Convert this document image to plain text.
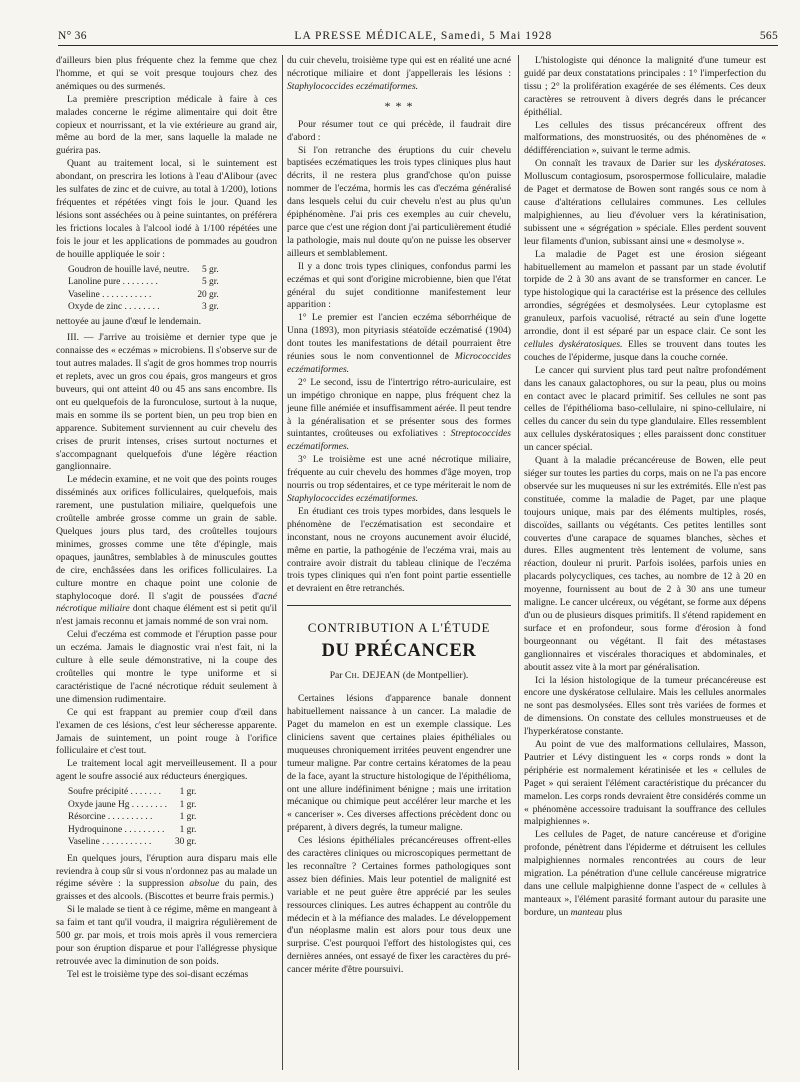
N° 36	LA PRESSE MÉDICALE, Samedi, 5 Mai 1928	565

d'ailleurs bien plus fréquente chez la femme que chez l'homme, et qui se voit presque toujours chez des anémiques ou des surmenés.

La première prescription médicale à faire à ces malades concerne le régime alimentaire qui doit être copieux et nourrissant, et la vie extérieure au grand air, même au bord de la mer, sans laquelle la malade ne guérira pas.

Quant au traitement local, si le suintement est abondant, on prescrira les lotions à l'eau d'Alibour (avec les sulfates de zinc et de cuivre, au total à 1/200), lotions fréquentes et répétées vingt fois le jour. Quand les lésions sont asséchées ou à peine suintantes, on préférera les frictions locales à l'alcool iodé à 1/100 répétées une fois le jour et les applications de pommades au goudron de houille appliquée le soir :

Goudron de houille lavé, neutre.	5 gr.
Lanoline pure . . . . . . . .	5 gr.
Vaseline . . . . . . . . . . .	20 gr.
Oxyde de zinc . . . . . . . .	3 gr.

nettoyée au jaune d'œuf le lendemain.

III. — J'arrive au troisième et dernier type que je connaisse des « eczémas » microbiens. Il s'observe sur de tout autres malades. Il s'agit de gros hommes trop nourris et replets, avec un gros cou épais, gros mangeurs et gros buveurs, qui ont atteint 40 ou 45 ans sans encombre. Ils ont eu quelquefois de la furonculose, surtout à la nuque, mais en somme ils se portent bien, un peu trop bien en apparence. Subitement surviennent au cuir chevelu des crises de prurit intenses, crises surtout nocturnes et s'accompagnant quelquefois d'une légère réaction ganglionnaire.

Le médecin examine, et ne voit que des points rouges disséminés aux orifices folliculaires, quelquefois, mais rarement, une pustulation miliaire, quelquefois une croûtelle ambrée grosse comme un grain de sable. Quelques jours plus tard, des croûtelles toujours minimes, grosses comme une tête d'épingle, mais opaques, jaunâtres, semblables à de minuscules gouttes de cire, enchâssées dans les orifices folliculaires. La culture montre en chaque point une colonie de staphylocoque doré. Il s'agit de poussées d'acné nécrotique miliaire dont chaque élément est si petit qu'il n'est jamais reconnu et jamais nommé de son vrai nom.

Celui d'eczéma est commode et l'éruption passe pour un eczéma. Jamais le diagnostic vrai n'est fait, ni la culture à elle seule démonstrative, ni la coupe des croûtelles qui montre le type uniforme et si caractéristique de l'acné nécrotique réduit seulement à une dimension rudimentaire.

Ce qui est frappant au premier coup d'œil dans l'examen de ces lésions, c'est leur sécheresse apparente. Jamais de suintement, un point rouge à l'orifice folliculaire et c'est tout.

Le traitement local agit merveilleusement. Il a pour agent le soufre associé aux réducteurs énergiques.

Soufre précipité . . . . . . .	1 gr.
Oxyde jaune Hg . . . . . . . .	1 gr.
Résorcine . . . . . . . . . .	1 gr.
Hydroquinone . . . . . . . . .	1 gr.
Vaseline . . . . . . . . . . .	30 gr.

En quelques jours, l'éruption aura disparu mais elle reviendra à coup sûr si vous n'ordonnez pas au malade un régime sévère : la suppression absolue du pain, des graisses et des alcools. (Biscottes et beurre frais permis.)

Si le malade se tient à ce régime, même en mangeant à sa faim et tant qu'il voudra, il maigrira régulièrement de 500 gr. par mois, et trois mois après il vous remerciera pour son éruption disparue et pour l'allégresse physique retrouvée avec la diminution de son poids.

Tel est le troisième type des soi-disant eczémas

du cuir chevelu, troisième type qui est en réalité une acné nécrotique miliaire et dont j'appellerais les lésions : Staphylococcides eczématiformes.

* * *

Pour résumer tout ce qui précède, il faudrait dire d'abord :

Si l'on retranche des éruptions du cuir chevelu baptisées eczématiques les trois types cliniques plus haut décrits, il ne restera plus grand'chose qu'on puisse nommer de l'eczéma, hormis les cas d'eczéma généralisé dans lesquels celui du cuir chevelu n'est au plus qu'un épiphénomène. J'ai pris ces exemples au cuir chevelu, parce que c'est une région dont j'ai particulièrement étudié la pathologie, mais nul doute qu'on ne puisse les observer ailleurs et semblablement.

Il y a donc trois types cliniques, confondus parmi les eczémas et qui sont d'origine microbienne, bien que l'état général du sujet conditionne manifestement leur apparition :

1° Le premier est l'ancien eczéma séborrhéique de Unna (1893), mon pityriasis stéatoïde eczématisé (1904) dont toutes les manifestations de détail pourraient être réunies sous le nom conventionnel de Micrococcides eczématiformes.

2° Le second, issu de l'intertrigo rétro-auriculaire, est un impétigo chronique en nappe, plus fréquent chez la jeune fille anémiée et insuffisamment aérée. Il peut tendre à la généralisation et se présenter sous des formes suintantes, croûteuses ou exfoliatives : Streptococcides eczématiformes.

3° Le troisième est une acné nécrotique miliaire, fréquente au cuir chevelu des hommes d'âge moyen, trop nourris ou trop sédentaires, et ce type mériterait le nom de Staphylococcides eczématiformes.

En étudiant ces trois types morbides, dans lesquels le phénomène de l'eczématisation est secondaire et inconstant, nous ne croyons aucunement avoir élucidé, même en partie, la pathogénie de l'eczéma vrai, mais au contraire avoir distrait du tableau clinique de l'eczéma trois types cliniques qui n'en font point partie essentielle et devraient en être retranchés.

CONTRIBUTION A L'ÉTUDE
DU PRÉCANCER
Par Ch. DEJEAN (de Montpellier).

Certaines lésions d'apparence banale donnent habituellement naissance à un cancer. La maladie de Paget du mamelon en est un exemple classique. Les cliniciens savent que certaines plaies épithéliales ou muqueuses chroniquement irritées peuvent engendrer une tumeur maligne. Par contre certains kératomes de la peau de la face, ayant la structure histologique de l'épithélioma, ont une allure indéfiniment bénigne ; mais une irritation mécanique ou chimique peut accélérer leur marche et les « canceriser ». Ces diverses affections précèdent donc ou préparent, à divers degrés, la tumeur maligne.

Ces lésions épithéliales précancéreuses offrent-elles des caractères cliniques ou microscopiques permettant de les reconnaître ? Certaines formes pathologiques sont assez bien définies. Mais leur potentiel de malignité est variable et ne peut guère être apprécié par les seules ressources cliniques. Les autres échappent au contrôle du médecin et à la méfiance des malades. Le développement d'un néoplasme malin est alors pour tous deux une surprise. C'est pourquoi l'effort des histologistes qui, ces dernières années, ont essayé de fixer les caractères du pré-cancer mérite d'être poursuivi.

L'histologiste qui dénonce la malignité d'une tumeur est guidé par deux constatations principales : 1° l'imperfection du tissu ; 2° la prolifération exagérée de ses éléments. Ces deux caractères se retrouvent à divers degrés dans le précancer épithélial.

Les cellules des tissus précancéreux offrent des malformations, des monstruosités, ou des phénomènes de « dédifférenciation », suivant le terme admis.

On connaît les travaux de Darier sur les dyskératoses. Molluscum contagiosum, psorospermose folliculaire, maladie de Paget et dermatose de Bowen sont rangés sous ce nom à cause d'altérations cellulaires communes. Les cellules malpighiennes, au lieu d'évoluer vers la kératinisation, subissent une « ségrégation » spéciale. Elles perdent souvent leur filaments d'union, subissant ainsi une « desmolyse ».

La maladie de Paget est une érosion siégeant habituellement au mamelon et passant par un stade évolutif torpide de 2 à 30 ans avant de se transformer en cancer. Le type histologique qui la caractérise est la présence des cellules arrondies, ségrégées et desmolysées. Leur cytoplasme est granuleux, parfois vacuolisé, rétracté au sein d'une logette arrondie, dont il est séparé par un espace clair. Ce sont les cellules dyskératosiques. Elles se trouvent dans toutes les couches de l'épiderme, jusque dans la couche cornée.

Le cancer qui survient plus tard peut naître profondément dans les canaux galactophores, ou sur la peau, plus ou moins en contact avec le placard primitif. Ses cellules ne sont pas celles de l'épithélioma baso-cellulaire, ni spino-cellulaire, ni celles du cancer du sein du type glandulaire. Elles ressemblent aux cellules dyskératosiques ; elles paraissent donc constituer un cancer spécial.

Quant à la maladie précancéreuse de Bowen, elle peut siéger sur toutes les parties du corps, mais on ne l'a pas encore observée sur les muqueuses ni sur les extrémités. Elle n'est pas constituée, comme la maladie de Paget, par une plaque toujours unique, mais par des éléments multiples, rosés, discoïdes, saillants ou végétants. Ces petites lentilles sont couvertes d'une carapace de squames blanches, sèches et dures. Elles augmentent très lentement de volume, sans réaction, douleur ni prurit. Parfois isolées, parfois unies en placards polycycliques, ces taches, au nombre de 12 à 20 en moyenne, fournissent au bout de 2 à 30 ans une tumeur maligne. Le cancer ulcéreux, ou végétant, se forme aux dépens d'un ou de plusieurs disques primitifs. Il s'étend rapidement en surface et en profondeur, sous forme d'érosion à fond bourgeonnant ou végétant. Il fait des métastases ganglionnaires et viscérales thoraciques et abdominales, et aboutit assez vite à la mort par généralisation.

Ici la lésion histologique de la tumeur précancéreuse est encore une dyskératose cellulaire. Mais les cellules anormales ne sont pas desmolysées. Elles sont très variées de formes et de dimensions. On constate des cellules monstrueuses et de l'hyperkératose constante.

Au point de vue des malformations cellulaires, Masson, Pautrier et Lévy distinguent les « corps ronds » dont la périphérie est normalement kératinisée et les « cellules de Paget » qui seraient l'élément caractéristique du précancer du mamelon. Les corps ronds devraient être considérés comme un « phénomène accessoire traduisant la souffrance des cellules malpighiennes ».

Les cellules de Paget, de nature cancéreuse et d'origine profonde, pénètrent dans l'épiderme et détruisent les cellules malpighiennes normales rencontrées au cours de leur migration. La pénétration d'une cellule cancéreuse migratrice dans une cellule malpighienne donne l'aspect de « cellules à manteaux », l'élément parasité formant autour du parasite une bordure, un manteau plus
